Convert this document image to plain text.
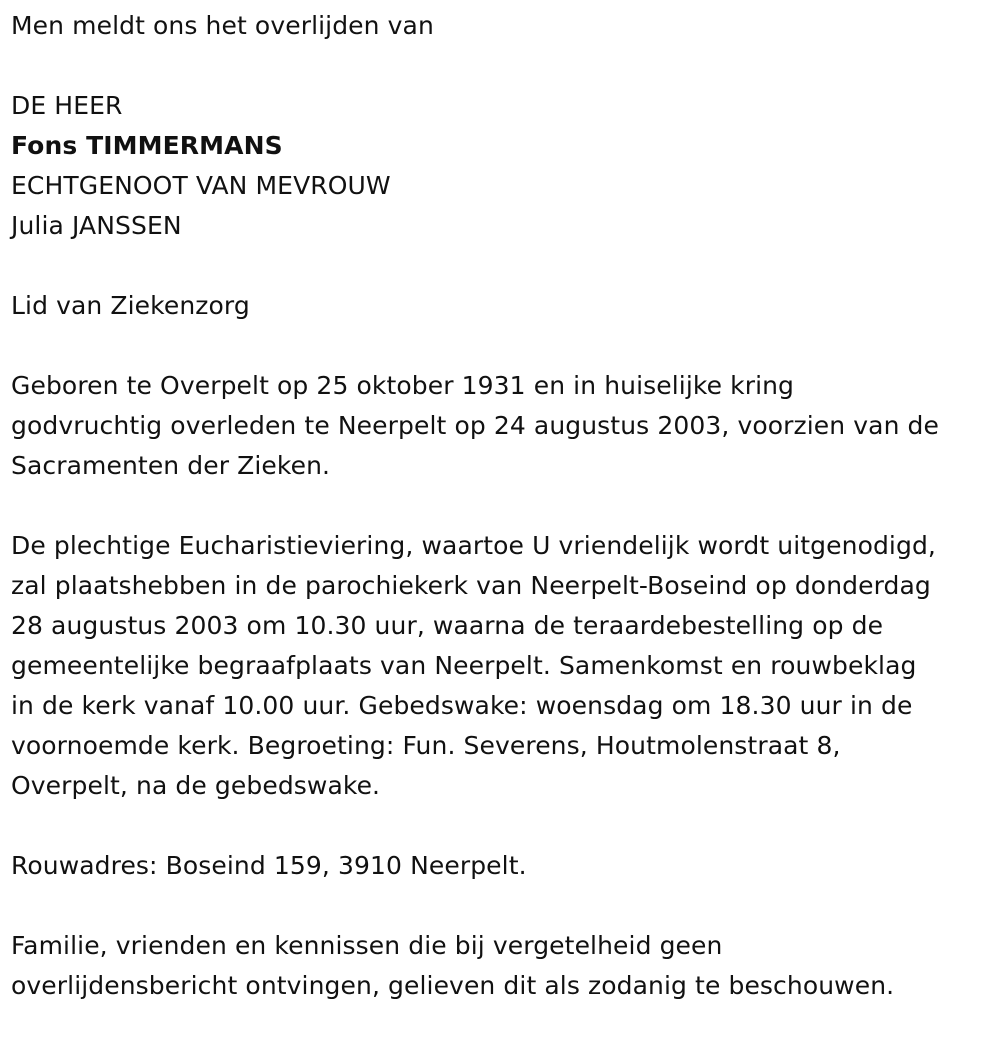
Men meldt ons het overlijden van
DE HEER
Fons TIMMERMANS
ECHTGENOOT VAN MEVROUW
Julia JANSSEN
Lid van Ziekenzorg
Geboren te Overpelt op 25 oktober 1931 en in huiselijke kring
godvruchtig overleden te Neerpelt op 24 augustus 2003, voorzien van de
Sacramenten der Zieken.
De plechtige Eucharistieviering, waartoe U vriendelijk wordt uitgenodigd,
zal plaatshebben in de parochiekerk van Neerpelt-Boseind op donderdag
28 augustus 2003 om 10.30 uur, waarna de teraardebestelling op de
gemeentelijke begraafplaats van Neerpelt. Samenkomst en rouwbeklag
in de kerk vanaf 10.00 uur. Gebedswake: woensdag om 18.30 uur in de
voornoemde kerk. Begroeting: Fun. Severens, Houtmolenstraat 8,
Overpelt, na de gebedswake.
Rouwadres: Boseind 159, 3910 Neerpelt.
Familie, vrienden en kennissen die bij vergetelheid geen
overlijdensbericht ontvingen, gelieven dit als zodanig te beschouwen.
